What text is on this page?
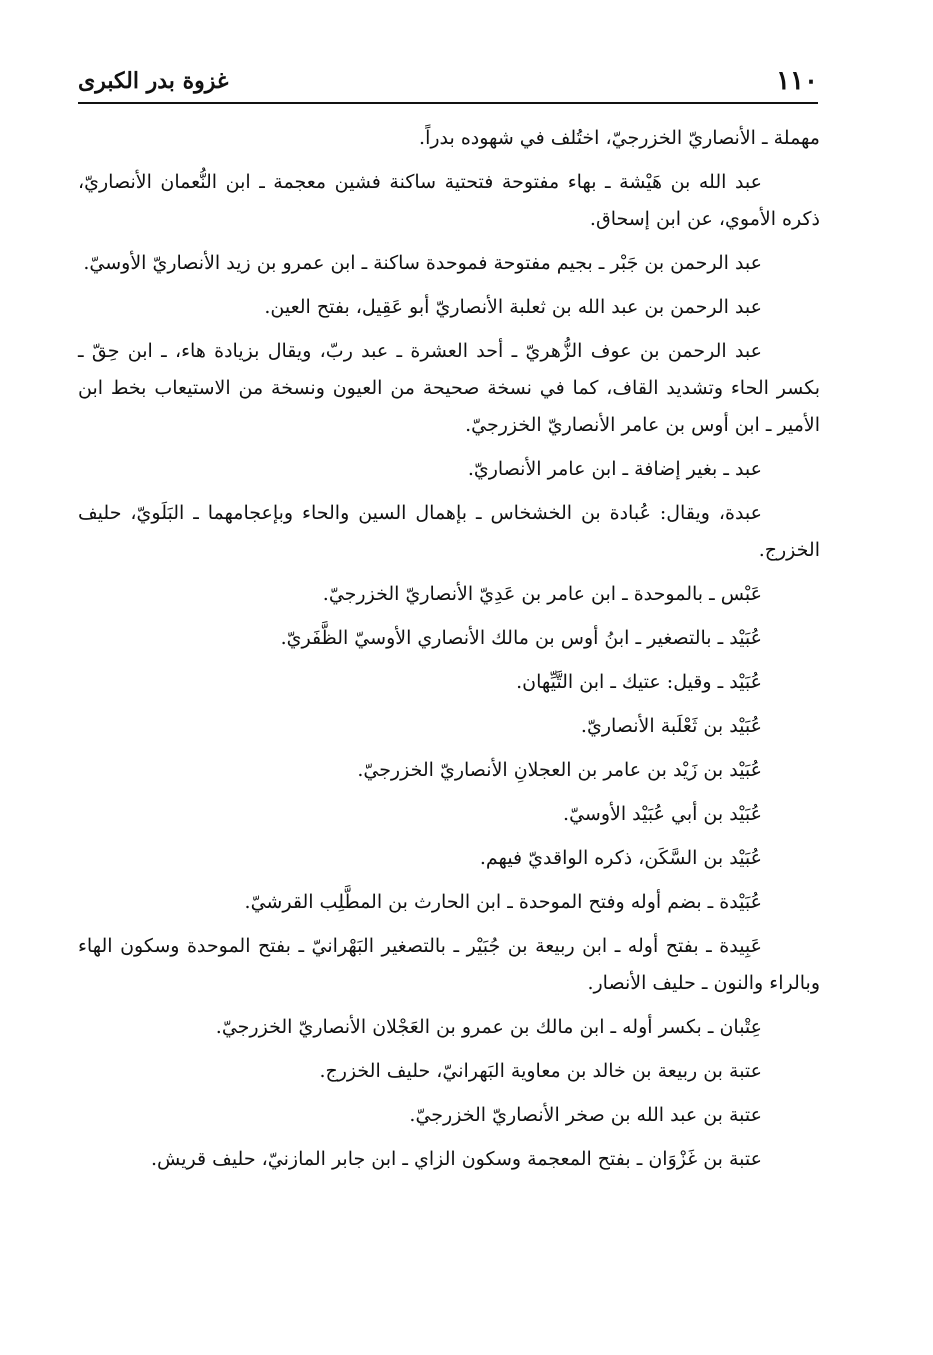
١١٠
غزوة بدر الكبرى

مهملة ـ الأنصاريّ الخزرجيّ، اختُلف في شهوده بدراً.

عبد الله بن هَيْشة ـ بهاء مفتوحة فتحتية ساكنة فشين معجمة ـ ابن النُّعمان الأنصاريّ، ذكره الأموي، عن ابن إسحاق.

عبد الرحمن بن جَبْر ـ بجيم مفتوحة فموحدة ساكنة ـ ابن عمرو بن زيد الأنصاريّ الأوسيّ.

عبد الرحمن بن عبد الله بن ثعلبة الأنصاريّ أبو عَقِيل، بفتح العين.

عبد الرحمن بن عوف الزُّهريّ ـ أحد العشرة ـ عبد ربّ، ويقال بزيادة هاء، ـ ابن حِقّ ـ بكسر الحاء وتشديد القاف، كما في نسخة صحيحة من العيون ونسخة من الاستيعاب بخط ابن الأمير ـ ابن أوس بن عامر الأنصاريّ الخزرجيّ.

عبد ـ بغير إضافة ـ ابن عامر الأنصاريّ.

عبدة، ويقال: عُبادة بن الخشخاس ـ بإهمال السين والحاء وبإعجامهما ـ البَلَويّ، حليف الخزرج.

عَبْس ـ بالموحدة ـ ابن عامر بن عَدِيّ الأنصاريّ الخزرجيّ.

عُبَيْد ـ بالتصغير ـ ابنُ أوس بن مالك الأنصاري الأوسيّ الظَّفَريّ.

عُبَيْد ـ وقيل: عتيك ـ ابن التَّيِّهان.

عُبَيْد بن ثَعْلَبة الأنصاريّ.

عُبَيْد بن زَيْد بن عامر بن العجلانِ الأنصاريّ الخزرجيّ.

عُبَيْد بن أبي عُبَيْد الأوسيّ.

عُبَيْد بن السَّكَن، ذكره الواقديّ فيهم.

عُبَيْدة ـ بضم أوله وفتح الموحدة ـ ابن الحارث بن المطَّلِب القرشيّ.

عَبِيدة ـ بفتح أوله ـ ابن ربيعة بن جُبَيْر ـ بالتصغير البَهْرانيّ ـ بفتح الموحدة وسكون الهاء وبالراء والنون ـ حليف الأنصار.

عِتْبان ـ بكسر أوله ـ ابن مالك بن عمرو بن العَجْلان الأنصاريّ الخزرجيّ.

عتبة بن ربيعة بن خالد بن معاوية البَهرانيّ، حليف الخزرج.

عتبة بن عبد الله بن صخر الأنصاريّ الخزرجيّ.

عتبة بن غَزْوَان ـ بفتح المعجمة وسكون الزاي ـ ابن جابر المازنيّ، حليف قريش.
